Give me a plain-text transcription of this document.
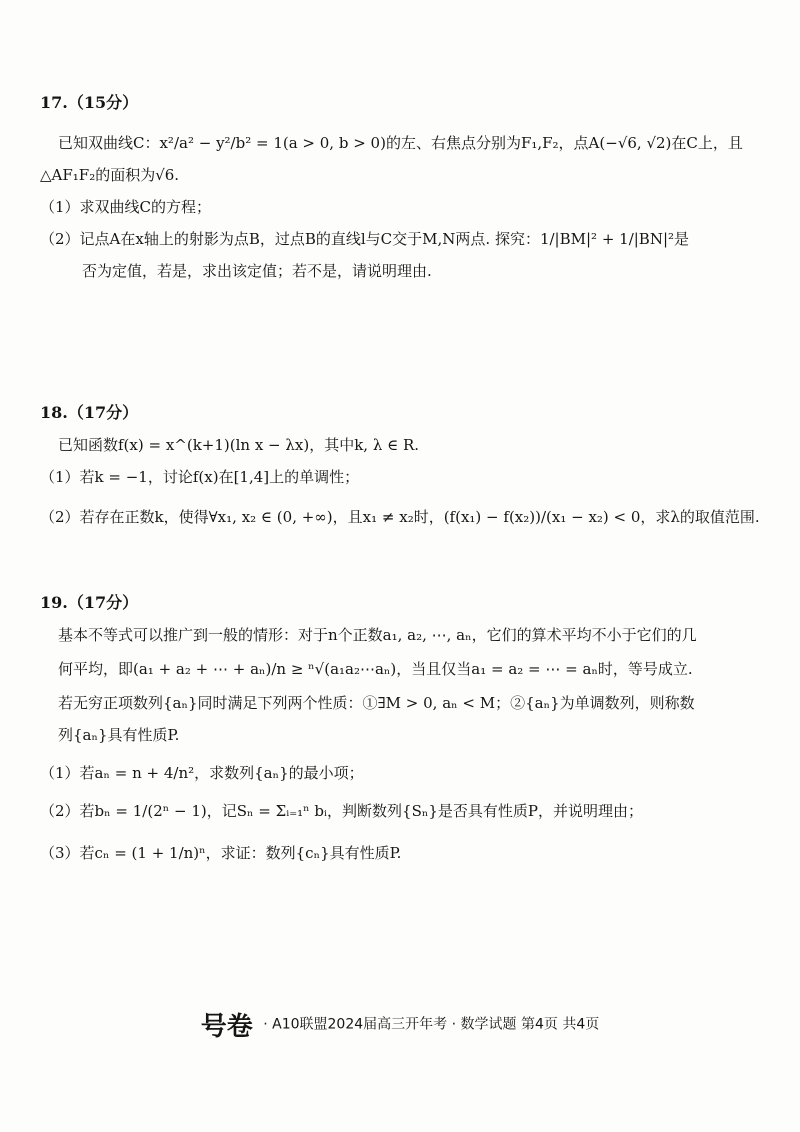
17.（15分）
已知双曲线C：x²/a² − y²/b² = 1(a > 0, b > 0)的左、右焦点分别为F₁,F₂，点A(−√6, √2)在C上，且
△AF₁F₂的面积为√6.
（1）求双曲线C的方程；
（2）记点A在x轴上的射影为点B，过点B的直线l与C交于M,N两点. 探究：1/|BM|² + 1/|BN|²是
否为定值，若是，求出该定值；若不是，请说明理由.
18.（17分）
已知函数f(x) = x^(k+1)(ln x − λx)，其中k, λ ∈ R.
（1）若k = −1，讨论f(x)在[1,4]上的单调性；
（2）若存在正数k，使得∀x₁, x₂ ∈ (0, +∞)，且x₁ ≠ x₂时，(f(x₁) − f(x₂))/(x₁ − x₂) < 0，求λ的取值范围.
19.（17分）
基本不等式可以推广到一般的情形：对于n个正数a₁, a₂, ⋯, aₙ，它们的算术平均不小于它们的几
何平均，即(a₁ + a₂ + ⋯ + aₙ)/n ≥ ⁿ√(a₁a₂⋯aₙ)，当且仅当a₁ = a₂ = ⋯ = aₙ时，等号成立.
若无穷正项数列{aₙ}同时满足下列两个性质：①∃M > 0, aₙ < M；②{aₙ}为单调数列，则称数
列{aₙ}具有性质P.
（1）若aₙ = n + 4/n²，求数列{aₙ}的最小项；
（2）若bₙ = 1/(2ⁿ − 1)，记Sₙ = Σᵢ₌₁ⁿ bᵢ，判断数列{Sₙ}是否具有性质P，并说明理由；
（3）若cₙ = (1 + 1/n)ⁿ，求证：数列{cₙ}具有性质P.
号卷 · A10联盟2024届高三开年考 · 数学试题 第4页 共4页
